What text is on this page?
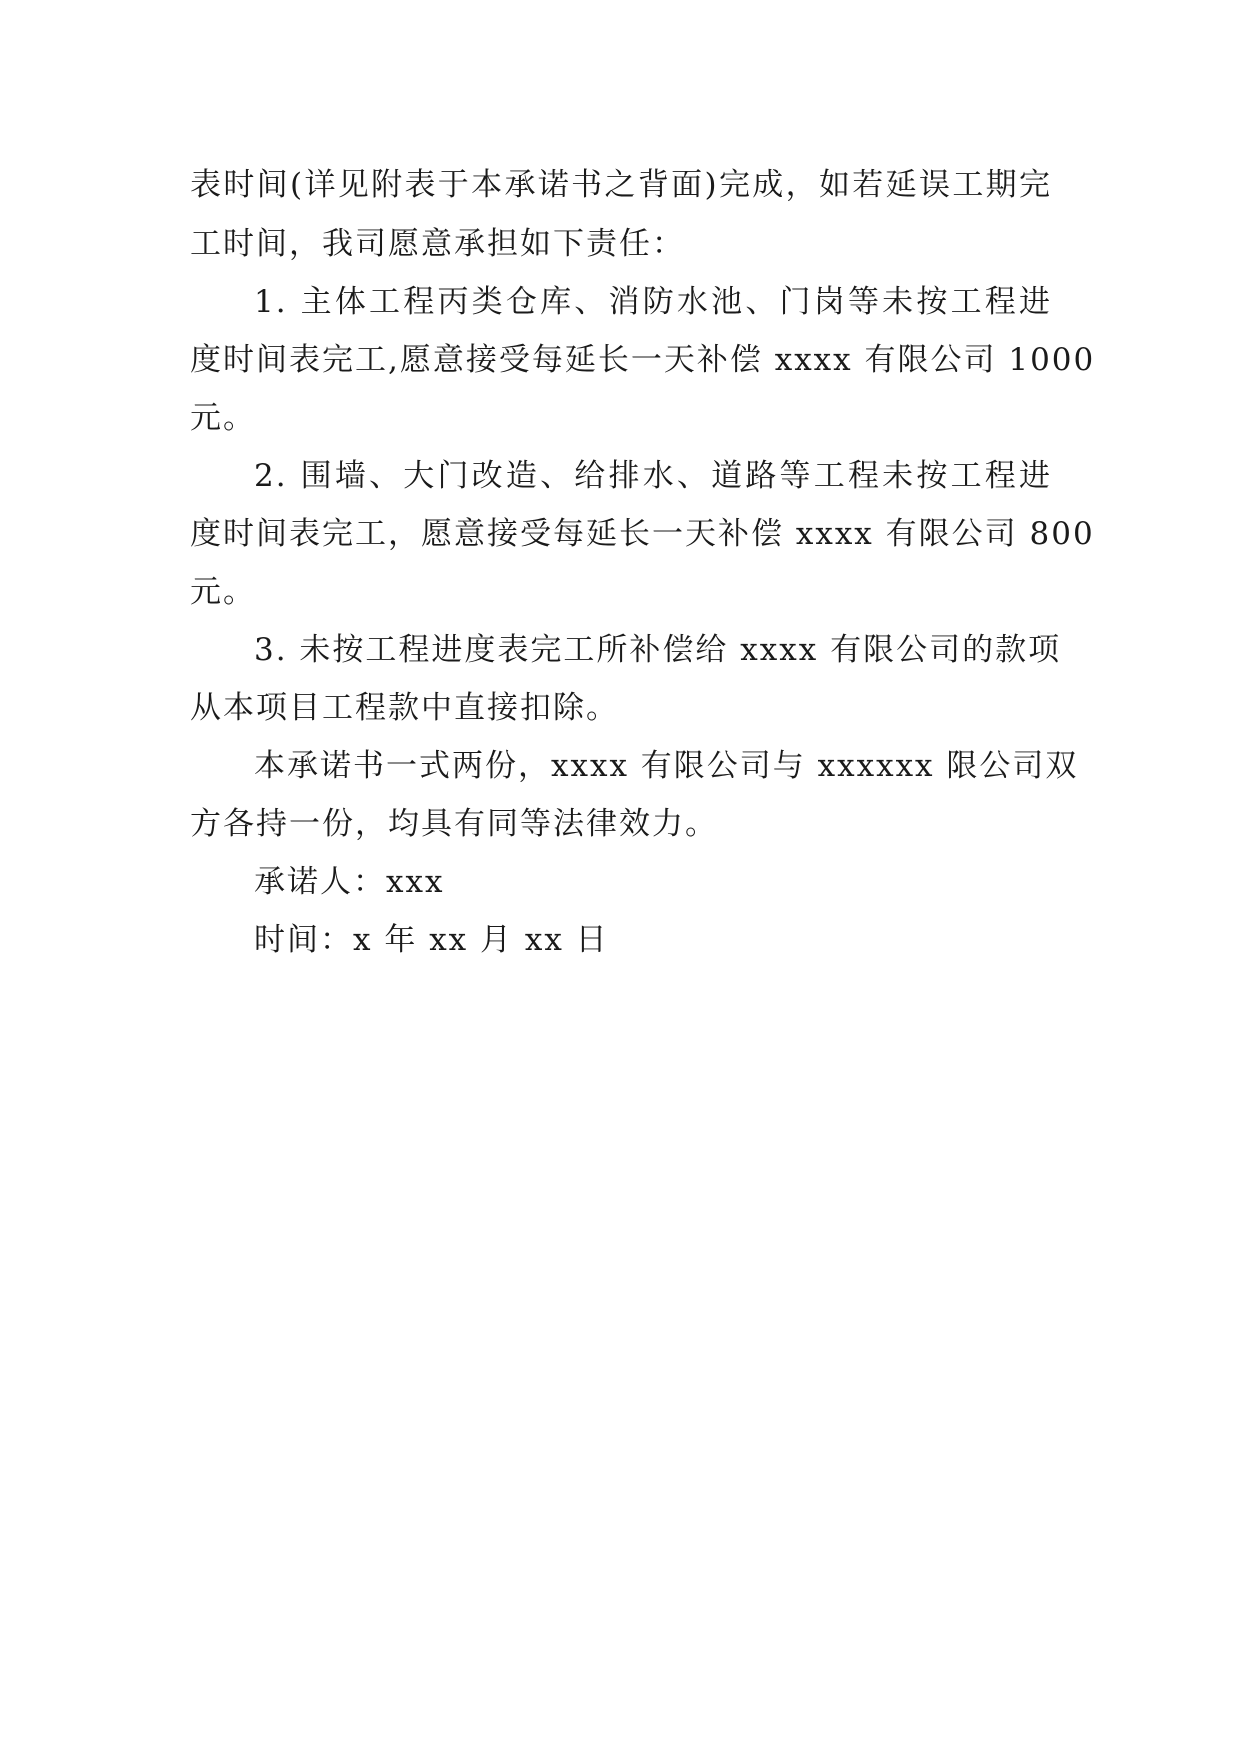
表时间(详见附表于本承诺书之背面)完成，如若延误工期完
工时间，我司愿意承担如下责任：
1. 主体工程丙类仓库、消防水池、门岗等未按工程进
度时间表完工,愿意接受每延长一天补偿 xxxx 有限公司 1000
元。
2. 围墙、大门改造、给排水、道路等工程未按工程进
度时间表完工，愿意接受每延长一天补偿 xxxx 有限公司 800
元。
3. 未按工程进度表完工所补偿给 xxxx 有限公司的款项
从本项目工程款中直接扣除。
本承诺书一式两份，xxxx 有限公司与 xxxxxx 限公司双
方各持一份，均具有同等法律效力。
承诺人：xxx
时间：x 年 xx 月 xx 日
